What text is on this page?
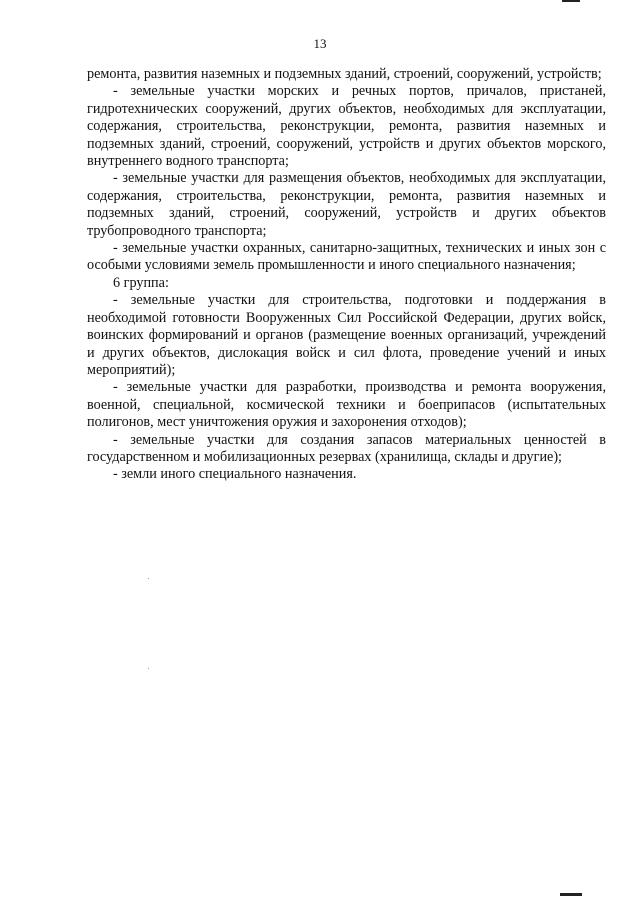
13

ремонта, развития наземных и подземных зданий, строений, сооружений, устройств;

- земельные участки морских и речных портов, причалов, пристаней, гидротехнических сооружений, других объектов, необходимых для эксплуатации, содержания, строительства, реконструкции, ремонта, развития наземных и подземных зданий, строений, сооружений, устройств и других объектов морского, внутреннего водного транспорта;

- земельные участки для размещения объектов, необходимых для эксплуатации, содержания, строительства, реконструкции, ремонта, развития наземных и подземных зданий, строений, сооружений, устройств и других объектов трубопроводного транспорта;

- земельные участки охранных, санитарно-защитных, технических и иных зон с особыми условиями земель промышленности и иного специального назначения;

6 группа:

- земельные участки для строительства, подготовки и поддержания в необходимой готовности Вооруженных Сил Российской Федерации, других войск, воинских формирований и органов (размещение военных организаций, учреждений и других объектов, дислокация войск и сил флота, проведение учений и иных мероприятий);

- земельные участки для разработки, производства и ремонта вооружения, военной, специальной, космической техники и боеприпасов (испытательных полигонов, мест уничтожения оружия и захоронения отходов);

- земельные участки для создания запасов материальных ценностей в государственном и мобилизационных резервах (хранилища, склады и другие);

- земли иного специального назначения.
